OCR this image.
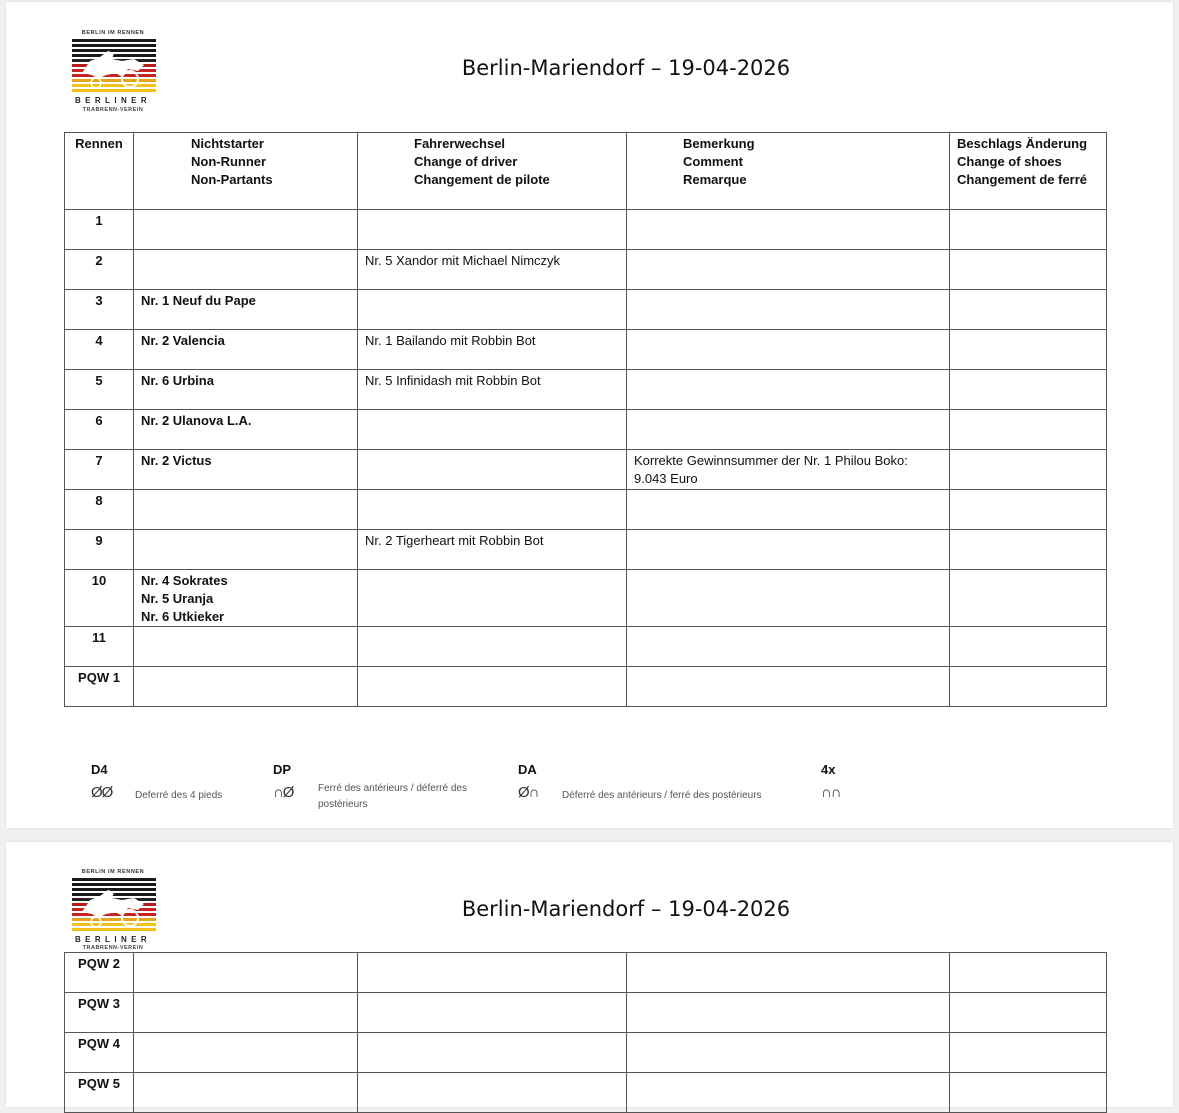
BERLIN IM RENNEN
BERLINER
TRABRENN-VEREIN
Berlin-Mariendorf – 19-04-2026
Rennen	Nichtstarter
Non-Runner
Non-Partants	Fahrerwechsel
Change of driver
Changement de pilote	Bemerkung
Comment
Remarque	Beschlags Änderung
Change of shoes
Changement de ferré

1				
2		Nr. 5 Xandor mit Michael Nimczyk		
3	Nr. 1 Neuf du Pape			

4	Nr. 2 Valencia	Nr. 1 Bailando mit Robbin Bot		
5	Nr. 6 Urbina	Nr. 5 Infinidash mit Robbin Bot		
6	Nr. 2 Ulanova L.A.			

7	Nr. 2 Victus		Korrekte Gewinnsummer der Nr. 1 Philou Boko:
9.043 Euro	

8				
9		Nr. 2 Tigerheart mit Robbin Bot		
10	Nr. 4 Sokrates
Nr. 5 Uranja
Nr. 6 Utkieker			

11				
PQW 1				
D4
ØØ Deferré des 4 pieds
DP
∩Ø Ferré des antérieurs / déferré des
postérieurs
DA
Ø∩ Déferré des antérieurs / ferré des postérieurs
4x
∩∩
BERLIN IM RENNEN
BERLINER
TRABRENN-VEREIN
Berlin-Mariendorf – 19-04-2026
PQW 2				
PQW 3				
PQW 4				
PQW 5				
